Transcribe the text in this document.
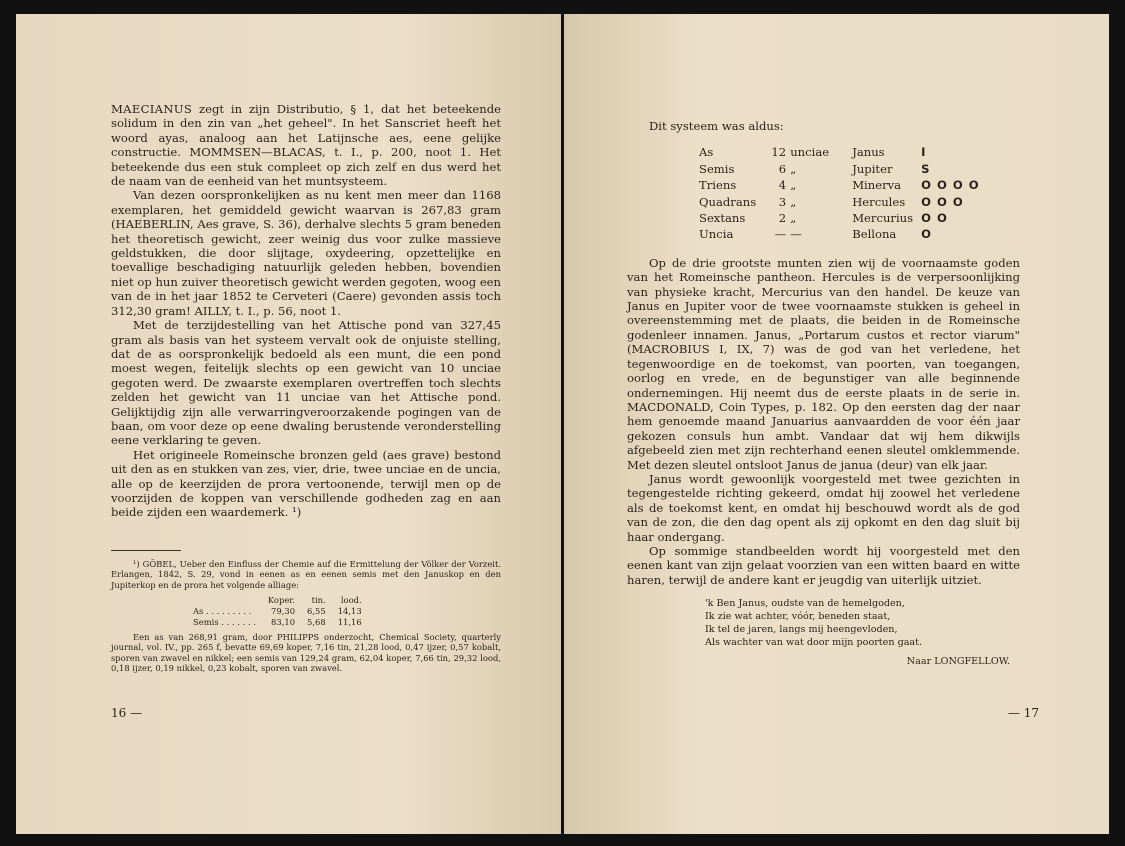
MAECIANUS zegt in zijn Distributio, § 1, dat het beteekende solidum in den zin van „het geheel". In het Sanscriet heeft het woord ayas, analoog aan het Latijnsche aes, eene gelijke constructie. MOMMSEN—BLACAS, t. I., p. 200, noot 1. Het beteekende dus een stuk compleet op zich zelf en dus werd het de naam van de eenheid van het muntsysteem.

Van dezen oorspronkelijken as nu kent men meer dan 1168 exemplaren, het gemiddeld gewicht waarvan is 267,83 gram (HAEBERLIN, Aes grave, S. 36), derhalve slechts 5 gram beneden het theoretisch gewicht, zeer weinig dus voor zulke massieve geldstukken, die door slijtage, oxydeering, opzettelijke en toevallige beschadiging natuurlijk geleden hebben, bovendien niet op hun zuiver theoretisch gewicht werden gegoten, woog een van de in het jaar 1852 te Cerveteri (Caere) gevonden assis toch 312,30 gram! AILLY, t. I., p. 56, noot 1.

Met de terzijdestelling van het Attische pond van 327,45 gram als basis van het systeem vervalt ook de onjuiste stelling, dat de as oorspronkelijk bedoeld als een munt, die een pond moest wegen, feitelijk slechts op een gewicht van 10 unciae gegoten werd. De zwaarste exemplaren overtreffen toch slechts zelden het gewicht van 11 unciae van het Attische pond. Gelijktijdig zijn alle verwarringveroorzakende pogingen van de baan, om voor deze op eene dwaling berustende veronderstelling eene verklaring te geven.

Het origineele Romeinsche bronzen geld (aes grave) bestond uit den as en stukken van zes, vier, drie, twee unciae en de uncia, alle op de keerzijden de prora vertoonende, terwijl men op de voorzijden de koppen van verschillende godheden zag en aan beide zijden een waardemerk. ¹)

¹) GÖBEL, Ueber den Einfluss der Chemie auf die Ermittelung der Völker der Vorzeit. Erlangen, 1842, S. 29, vond in eenen as en eenen semis met den Januskop en den Jupiterkop en de prora het volgende alliage:

	Koper.	tin.	lood.
As . . . . . . . . .	79,30	6,55	14,13
Semis . . . . . . .	83,10	5,68	11,16

Een as van 268,91 gram, door PHILIPPS onderzocht, Chemical Society, quarterly journal, vol. IV., pp. 265 f, bevatte 69,69 koper, 7,16 tin, 21,28 lood, 0,47 ijzer, 0,57 kobalt, sporen van zwavel en nikkel; een semis van 129,24 gram, 62,04 koper, 7,66 tin, 29,32 lood, 0,18 ijzer, 0,19 nikkel, 0,23 kobalt, sporen van zwavel.

16 —

Dit systeem was aldus:

As	12	unciae	Janus	I
Semis	6	„	Jupiter	S
Triens	4	„	Minerva	O O O O
Quadrans	3	„	Hercules	O O O
Sextans	2	„	Mercurius	O O
Uncia	—	—	Bellona	O

Op de drie grootste munten zien wij de voornaamste goden van het Romeinsche pantheon. Hercules is de verpersoonlijking van physieke kracht, Mercurius van den handel. De keuze van Janus en Jupiter voor de twee voornaamste stukken is geheel in overeenstemming met de plaats, die beiden in de Romeinsche godenleer innamen. Janus, „Portarum custos et rector viarum" (MACROBIUS I, IX, 7) was de god van het verledene, het tegenwoordige en de toekomst, van poorten, van toegangen, oorlog en vrede, en de begunstiger van alle beginnende ondernemingen. Hij neemt dus de eerste plaats in de serie in. MACDONALD, Coin Types, p. 182. Op den eersten dag der naar hem genoemde maand Januarius aanvaardden de voor één jaar gekozen consuls hun ambt. Vandaar dat wij hem dikwijls afgebeeld zien met zijn rechterhand eenen sleutel omklemmende. Met dezen sleutel ontsloot Janus de janua (deur) van elk jaar.

Janus wordt gewoonlijk voorgesteld met twee gezichten in tegengestelde richting gekeerd, omdat hij zoowel het verledene als de toekomst kent, en omdat hij beschouwd wordt als de god van de zon, die den dag opent als zij opkomt en den dag sluit bij haar ondergang.

Op sommige standbeelden wordt hij voorgesteld met den eenen kant van zijn gelaat voorzien van een witten baard en witte haren, terwijl de andere kant er jeugdig van uiterlijk uitziet.

'k Ben Janus, oudste van de hemelgoden,
Ik zie wat achter, vóór, beneden staat,
Ik tel de jaren, langs mij heengevloden,
Als wachter van wat door mijn poorten gaat.
Naar LONGFELLOW.
— 17
